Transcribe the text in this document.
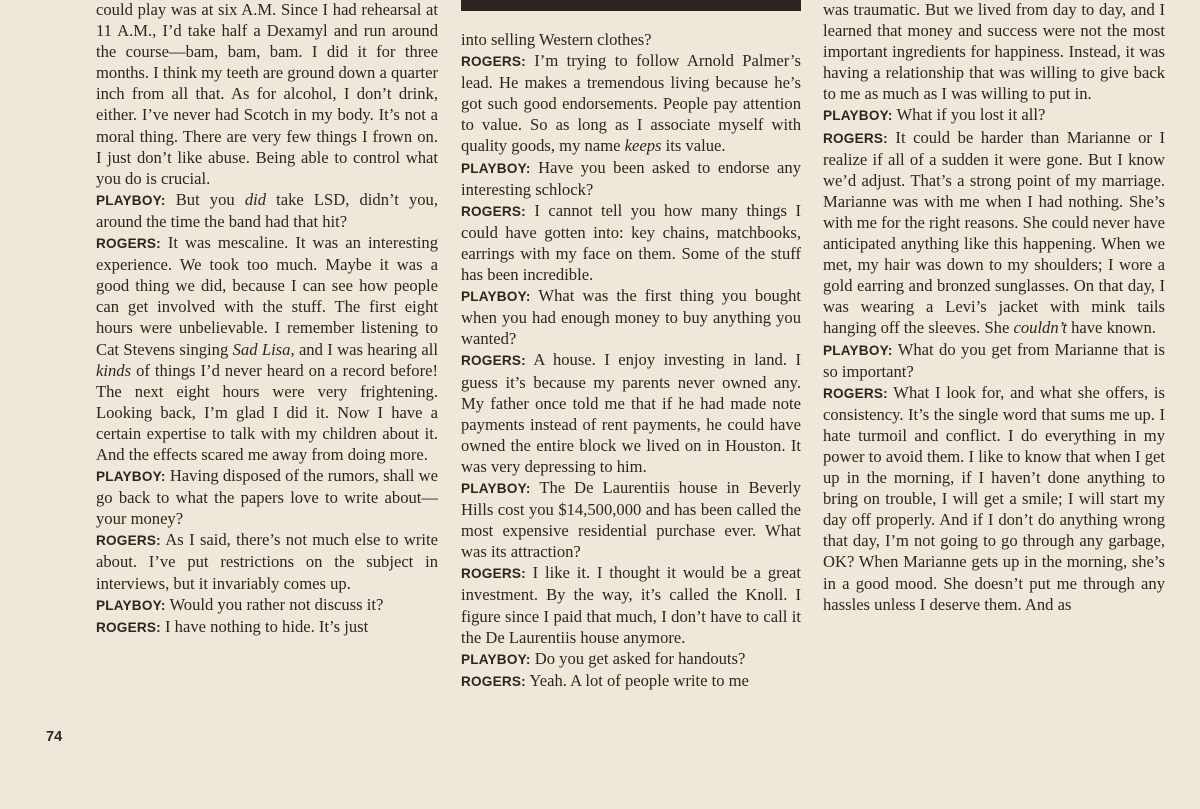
could play was at six A.M. Since I had rehearsal at 11 A.M., I’d take half a Dexamyl and run around the course—bam, bam, bam. I did it for three months. I think my teeth are ground down a quarter inch from all that. As for alcohol, I don’t drink, either. I’ve never had Scotch in my body. It’s not a moral thing. There are very few things I frown on. I just don’t like abuse. Being able to control what you do is crucial.

PLAYBOY: But you did take LSD, didn’t you, around the time the band had that hit?

ROGERS: It was mescaline. It was an interesting experience. We took too much. Maybe it was a good thing we did, because I can see how people can get involved with the stuff. The first eight hours were unbelievable. I remember listening to Cat Stevens singing Sad Lisa, and I was hearing all kinds of things I’d never heard on a record before! The next eight hours were very frightening. Looking back, I’m glad I did it. Now I have a certain expertise to talk with my children about it. And the effects scared me away from doing more.

PLAYBOY: Having disposed of the rumors, shall we go back to what the papers love to write about—your money?

ROGERS: As I said, there’s not much else to write about. I’ve put restrictions on the subject in interviews, but it invariably comes up.

PLAYBOY: Would you rather not discuss it?

ROGERS: I have nothing to hide. It’s just

into selling Western clothes?

ROGERS: I’m trying to follow Arnold Palmer’s lead. He makes a tremendous living because he’s got such good endorsements. People pay attention to value. So as long as I associate myself with quality goods, my name keeps its value.

PLAYBOY: Have you been asked to endorse any interesting schlock?

ROGERS: I cannot tell you how many things I could have gotten into: key chains, matchbooks, earrings with my face on them. Some of the stuff has been incredible.

PLAYBOY: What was the first thing you bought when you had enough money to buy anything you wanted?

ROGERS: A house. I enjoy investing in land. I guess it’s because my parents never owned any. My father once told me that if he had made note payments instead of rent payments, he could have owned the entire block we lived on in Houston. It was very depressing to him.

PLAYBOY: The De Laurentiis house in Beverly Hills cost you $14,500,000 and has been called the most expensive residential purchase ever. What was its attraction?

ROGERS: I like it. I thought it would be a great investment. By the way, it’s called the Knoll. I figure since I paid that much, I don’t have to call it the De Laurentiis house anymore.

PLAYBOY: Do you get asked for handouts?

ROGERS: Yeah. A lot of people write to me

was traumatic. But we lived from day to day, and I learned that money and success were not the most important ingredients for happiness. Instead, it was having a relationship that was willing to give back to me as much as I was willing to put in.

PLAYBOY: What if you lost it all?

ROGERS: It could be harder than Marianne or I realize if all of a sudden it were gone. But I know we’d adjust. That’s a strong point of my marriage. Marianne was with me when I had nothing. She’s with me for the right reasons. She could never have anticipated anything like this happening. When we met, my hair was down to my shoulders; I wore a gold earring and bronzed sunglasses. On that day, I was wearing a Levi’s jacket with mink tails hanging off the sleeves. She couldn’t have known.

PLAYBOY: What do you get from Marianne that is so important?

ROGERS: What I look for, and what she offers, is consistency. It’s the single word that sums me up. I hate turmoil and conflict. I do everything in my power to avoid them. I like to know that when I get up in the morning, if I haven’t done anything to bring on trouble, I will get a smile; I will start my day off properly. And if I don’t do anything wrong that day, I’m not going to go through any garbage, OK? When Marianne gets up in the morning, she’s in a good mood. She doesn’t put me through any hassles unless I deserve them. And as

74
